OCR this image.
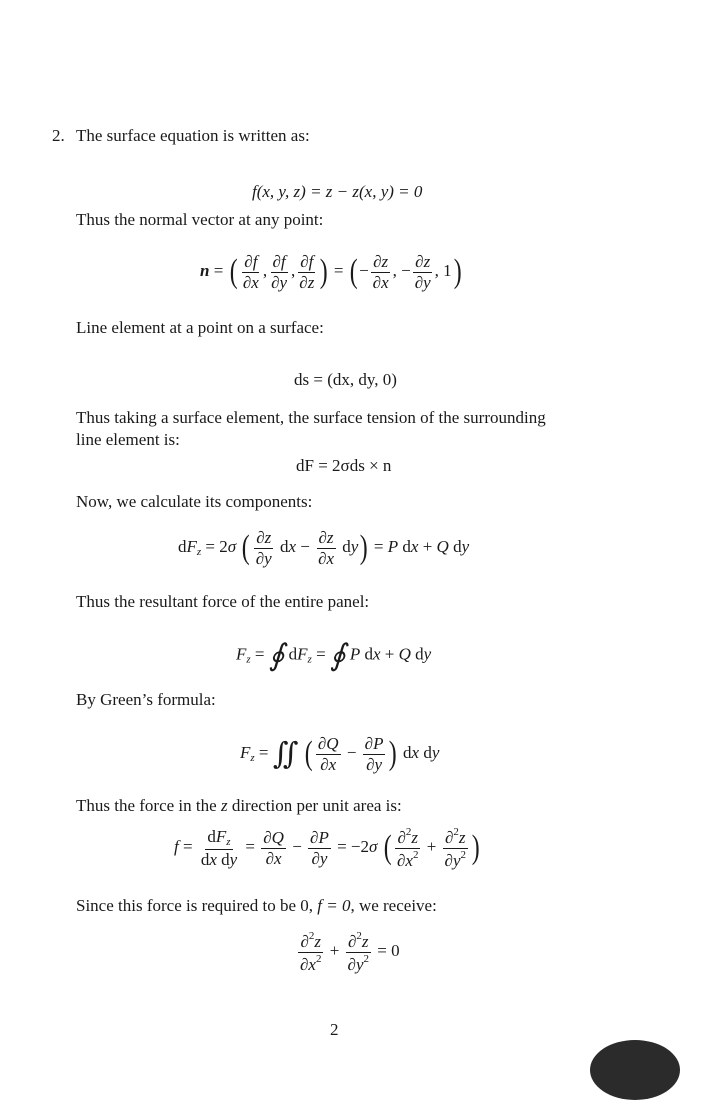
2. The surface equation is written as:
f(x, y, z) = z − z(x, y) = 0
Thus the normal vector at any point:
n = ( $\frac{\partial f}{\partial x}$ , $\frac{\partial f}{\partial y}$ , $\frac{\partial f}{\partial z}$ ) = (− $\frac{\partial z}{\partial x}$ , − $\frac{\partial z}{\partial y}$ , 1)
Line element at a point on a surface:
ds = (dx, dy, 0)
Thus taking a surface element, the surface tension of the surrounding
line element is:
dF = 2σds × n
Now, we calculate its components:
$dF_z = 2\sigma$ ( $\frac{\partial z}{\partial y}$ dx − $\frac{\partial z}{\partial x} dy) = P$ dx + Q dy
Thus the resultant force of the entire panel:
$F_z$ = ∮ $dF_z$ = ∮ P dx + Q dy
By Green’s formula:
$F_z$ = ∬ ( $\frac{\partial Q}{\partial x} - \frac{\partial P}{\partial y}$ ) dx dy
Thus the force in the z direction per unit area is:
$f = \frac{dF_z}{\text{dx dy}} = \frac{\partial Q}{\partial x} - \frac{\partial P}{\partial y} = -2\sigma$ ( $\frac{\partial^2z}{\partial x^2} + \frac{\partial^2z}{\partial y^2}$ )
Since this force is required to be 0, f = 0, we receive:
$\frac{\partial^2z}{\partial x^2} + \frac{\partial^2z}{\partial y^2} = 0$
2
